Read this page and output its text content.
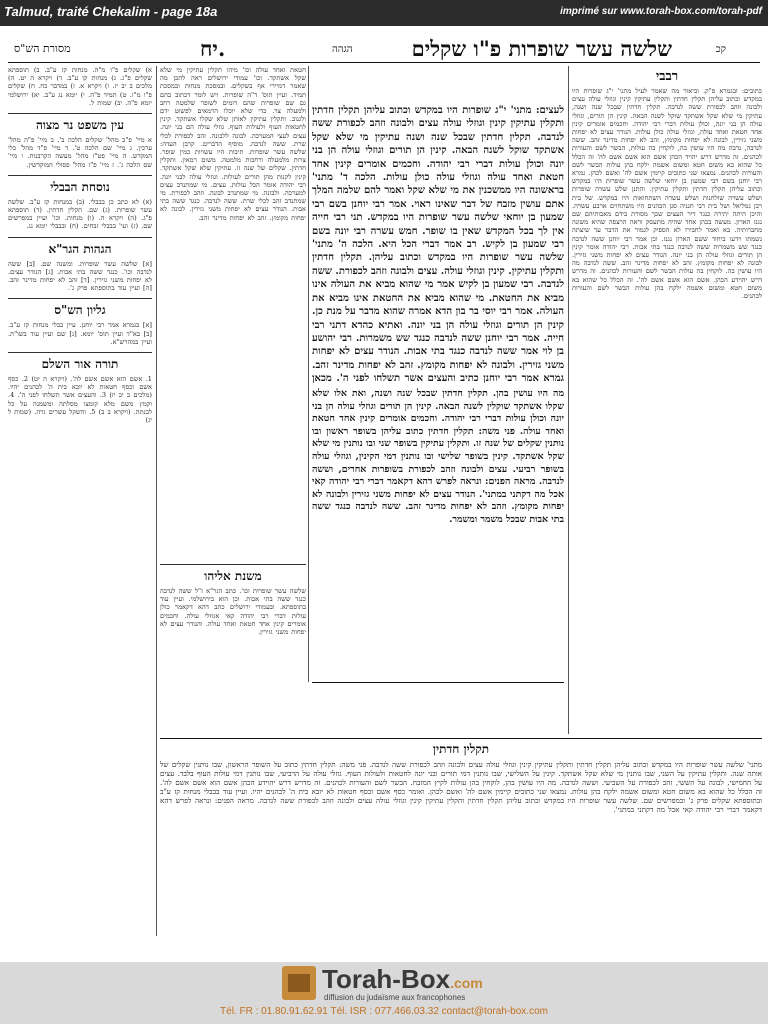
Talmud, traité Chekalim - page 18a	imprimé sur www.torah-box.com/torah-pdf
קכ
שלשה עשר שופרות פ"ו שקלים
הגהה
יח.
מסורת הש"ס
רבבי
כתובים: ובגמרא פ"ק. וביאור מה שאמר לעיל מתני' י"ג שופרות היו במקדש וכתוב עליהן תקלין חדתין ותקלין עתיקין קינין וגוזלי עולה עצים ולבונה וזהב לכפורת ששה לנדבה. תקלין חדתין שבכל שנה ושנה, עתיקין מי שלא שקל אשתקד שוקל לשנה הבאה. קינין הן תורים, וגוזלי עולה הן בני יונה, וכולן עולות דברי רבי יהודה. וחכמים אומרים קינין אחד חטאת ואחד עולה, וגוזלי עולה כולן עולות. הנודר עצים לא יפחות משני גזירין, לבונה לא יפחות מקומץ, זהב לא יפחות מדינר זהב. ששה לנדבה, נדבה מה היו עושין בה, לוקחין בה עולות, הבשר לשם והעורות לכהנים. זה מדרש דרש יהויד הכהן אשם הוא אשם אשם לה' זה הכלל כל שהוא בא משום חטא ומשום אשמה ילקח בהן עולות הבשר לשם והעורות לכהנים. נמצאו שני כתובים קיימין אשם לה' ואשם לכהן. גמרא רבי יוחנן בשם רבי שמעון בן יוחאי שלשה עשר שופרות היו במקדש וכתוב עליהן תקלין חדתין ותקלין עתיקין. והתנן שלש עשרה שופרות ושלש עשרה שולחנות ושלש עשרה השתחואות היו במקדש. של בית רבן גמליאל ושל בית רבי חנניה סגן הכהנים היו משתחוים ארבע עשרה. והיכן היתה יתירה כנגד דיר העצים שכך מסורת בידם מאבותיהם שם נגנז הארון. מעשה בכהן אחד שהיה מתעסק וראה הרצפה שהיא משונה מחברותיה. בא ואמר לחבירו לא הספיק לגמור את הדבר עד שיצתה נשמתו וידעו ביחוד ששם הארון נגנז. וכן אמר רבי יוחנן ששה לנדבה כנגד שש משמרות ששה לנדבה כנגד בתי אבות. רבי יהודה אומר קינין הן תורים וגוזלי עולה הן בני יונה. הנודר עצים לא יפחות משני גזירין. לבונה לא יפחות מקומץ. זהב לא יפחות מדינר זהב. ששה לנדבה מה היו עושין בה. לוקחין בה עולות הבשר לשם והעורות לכהנים. זה מדרש דרש יהוידע הכהן. אשם הוא אשם אשם לה'. זה הכלל כל שהוא בא משום חטא ומשום אשמה ילקח בהן עולות הבשר לשם והעורות לכהנים.
לעצים: מתני' י"ג שופרות היו במקדש וכתוב עליהן תקלין חדתין ותקלין עתיקין קינין וגוזלי עולה עצים ולבונה וזהב לכפורת ששה לנדבה. תקלין חדתין שבכל שנה ושנה עתיקין מי שלא שקל אשתקד שוקל לשנה הבאה. קינין הן תורים וגוזלי עולה הן בני יונה וכולן עולות דברי רבי יהודה. וחכמים אומרים קינין אחד חטאת ואחד עולה וגוזלי עולה כולן עולות. הלכה ד' מתני' בראשונה היו ממשכנין את מי שלא שקל ואמר להם שלמה המלך אתם עושין מזבח של דבר שאינו ראוי. אמר רבי יוחנן בשם רבי שמעון בן יוחאי שלשה עשר שופרות היו במקדש. תני רבי חייה אין לך בכל המקדש שאין בו שופר. חמש עשרה רבי יונה בשם רבי שמעון בן לקיש. רב אמר דברי הכל היא. הלכה ה' מתני' שלשה עשר שופרות היו במקדש וכתוב עליהן. תקלין חדתין ותקלין עתיקין. קינין וגוזלי עולה. עצים ולבונה וזהב לכפורת. ששה לנדבה. רבי שמעון בן לקיש אמר מי שהוא מביא את העולה אינו מביא את החטאת. מי שהוא מביא את החטאת אינו מביא את העולה. אמר רבי יוסי בר בון הדא אמרה שהוא מדבר על מנת כן. קינין הן תורים וגוזלי עולה הן בני יונה. ואתיא כהדא דתני רבי חייה. אמר רבי יוחנן ששה לנדבה כנגד שש משמרות. רבי יהושע בן לוי אמר ששה לנדבה כנגד בתי אבות. הנודר עצים לא יפחות משני גזירין. ולבונה לא יפחות מקומץ. זהב לא יפחות מדינר זהב. גמרא אמר רבי יוחנן כתיב והעצים אשר תשלחו לפני ה'. מכאן
מה היו עושין בהן. תקלין חדתין שבכל שנה ושנה, ואת אלו שלא שקלו אשתקד שוקלין לשנה הבאה. קינין הן תורים וגוזלי עולה הן בני יונה וכולן עולות דברי רבי יהודה. וחכמים אומרים קינין אחד חטאת ואחד עולה. פני משה: תקלין חדתין כתוב עליהן בשופר ראשון ובו נותנין שקלים של שנה זו. ותקלין עתיקין בשופר שני ובו נותנין מי שלא שקל אשתקד. קינין בשופר שלישי ובו נותנין דמי הקינין, וגוזלי עולה בשופר רביעי. עצים ולבונה וזהב לכפורת בשופרות אחרים, וששה לנדבה. מראה הפנים: ונראה לפרש דהא דקאמר דברי רבי יהודה קאי אכל מה דקתני במתני'. הנודר עצים לא יפחות משני גזירין ולבונה לא יפחות מקומץ. וזהב לא יפחות מדינר זהב. ששה לנדבה כנגד ששה בתי אבות שבכל משמר ומשמר.
חטאת ואחד עולה וכו' מיהו תקלין עתיקין מי שלא שקל אשתקד. וכו' עמודי ירושלים ראה לתכן מה שאמר דמיירי אף בשקלים. ובמסכת מנחות ובמסכת תמיד. ועיין תוס' ד"ה שופרות. ויש לומר דכתוב בהם גם שם שופרות שהם דומים לשופר שלמטה רחב ולמעלה צר. כדי שלא יוכלו הרמאים לפשוט ידם ולגנוב. ותקלין עתיקין לאותן שלא שקלו אשתקד. קינין לחטאות העוף ולעולות העוף. גוזלי עולה הם בני יונה. עצים לעצי המערכה. לבונה ללבונה. זהב לכפורת לכלי שרת. ששה לנדבה. מוסיף הדברים. קרבן העדה: שלשה עשר שופרות. תיבות היו עשויות כמין שופר. צרות מלמעלה ורחבות מלמטה. משום רמאין. ותקלין חדתין. שקלים של שנה זו. עתיקין שלא שקל אשתקד. קינין לקנות מהן תורים לעולות. וגוזלי עולה לבני יונה. רבי יהודה אומר הכל עולות. עצים. מי שמתנדב עצים למערכה. ולבונה. מי שמתנדב לבונה. וזהב לכפורת. מי שמתנדב זהב לכלי שרת. ששה לנדבה. כנגד ששה בתי אבות. הנודר עצים לא יפחות משני גזירין. לבונה לא יפחות מקומץ. זהב לא יפחות מדינר זהב.
משנת אליהו
שלשה עשר שופרות וכו'. כתב הגר"א ז"ל ששה לנדבה כנגד ששה בתי אבות. וכן הוא בירושלמי. ועיין עוד בתוספתא. ובעמודי ירושלים כתב דהא דקאמר כולן עולות דברי רבי יהודה קאי אגוזלי עולה. וחכמים אומרים קינין אחד חטאת ואחד עולה. והנודר עצים לא יפחות משני גזירין.
א) שקלים פ"ו מ"ה. מנחות קז ע"ב. ב) תוספתא שקלים פ"ג. ג) מנחות קו ע"ב. ד) ויקרא ה יט. ה) מלכים ב יב יז. ו) ויקרא א. ז) במדבר כח. ח) שקלים פ"ו מ"ו. ט) תמיד פ"ה. י) יומא נג ע"ב. יא) ירושלמי יומא פ"ה. יב) שמות ל.
עין משפט נר מצוה
א מיי' פ"ב מהל' שקלים הלכה ב'. ב מיי' פ"ה מהל' ערכין. ג מיי' שם הלכה ט'. ד מיי' פ"ד מהל' כלי המקדש. ה מיי' פט"ז מהל' מעשה הקרבנות. ו מיי' שם הלכה ג'. ז מיי' פ"ז מהל' פסולי המוקדשין.
נוסחת הבבלי
(א) לא כתב כן בבבלי. (ב) במנחות קז ע"ב. שלשה עשר שופרות. (ג) שם. תקלין חדתין. (ד) תוספתא פ"ג. (ה) ויקרא ה. (ו) מנחות. וכו' ועיין במפרשים שם. (ז) ועי' בבבלי זבחים. (ח) ובבבלי יומא נג.
הגהות הגר"א
[א] שלשה עשר שופרות. ומשנה שם. [ב] ששה לנדבה וכו'. כנגד ששה בתי אבות. [ג] הנודר עצים. לא יפחות משני גזירין. [ד] זהב לא יפחות מדינר זהב. [ה] ועיין עוד בתוספתא פרק ג'.
גליון הש"ס
[א] בגמרא אמר רבי יוחנן. עיין בבלי מנחות קז ע"ב. [ב] בא"ד ועיין תוס' יומא. [ג] שם ועיין עוד בשו"ת. ועיין במהרש"א.
תורה אור השלם
1. אשם הוא אשם אשם לה'. (ויקרא ה יט) 2. כסף אשם וכסף חטאות לא יובא בית ה' לכהנים יהיו. (מלכים ב יב יז) 3. והעצים אשר תשלחו לפני ה'. 4. וקמץ משם מלא קומצו מסלתה ומשמנה על כל לבנתה. (ויקרא ב ב) 5. והשקל עשרים גרה. (שמות ל יג)
תקלין חדתין
מתני' שלשה עשר שופרות היו במקדש וכתוב עליהן תקלין חדתין ותקלין עתיקין קינין וגוזלי עולה עצים ולבונה וזהב לכפורת ששה לנדבה. פני משה: תקלין חדתין כתוב על השופר הראשון, שבו נותנין שקלים של אותה שנה. ותקלין עתיקין על השני, שבו נותנין מי שלא שקל אשתקד. קינין על השלישי, שבו נותנין דמי תורים ובני יונה לחטאות ולעולות העוף. גוזלי עולה על הרביעי, שבו נותנין דמי עולות העוף בלבד. עצים על החמישי, לבונה על הששי, זהב לכפורת על השביעי. וששה לנדבה. מה היו עושין בהן, לוקחין בהן עולות לקיץ המזבח. הבשר לשם והעורות לכהנים. זה מדרש דרש יהוידע הכהן אשם הוא אשם אשם לה'. זה הכלל כל שהוא בא משום חטא ומשום אשמה ילקח בהן עולות. נמצאו שני כתובים קיימין אשם לה' ואשם לכהן. ואומר כסף אשם וכסף חטאות לא יובא בית ה' לכהנים יהיו. ועיין עוד בבבלי מנחות קז ע"ב ובתוספתא שקלים פרק ג' ובמפרשים שם. שלשה עשר שופרות היו במקדש וכתוב עליהן תקלין חדתין ותקלין עתיקין קינין וגוזלי עולה עצים ולבונה וזהב לכפורת ששה לנדבה. מראה הפנים: ונראה לפרש דהא דקאמר דברי רבי יהודה קאי אכל מה דקתני במתני'.
Torah-Box.com
diffusion du judaïsme aux francophones
Tél. FR : 01.80.91.62.91 Tél. ISR : 077.466.03.32 contact@torah-box.com
